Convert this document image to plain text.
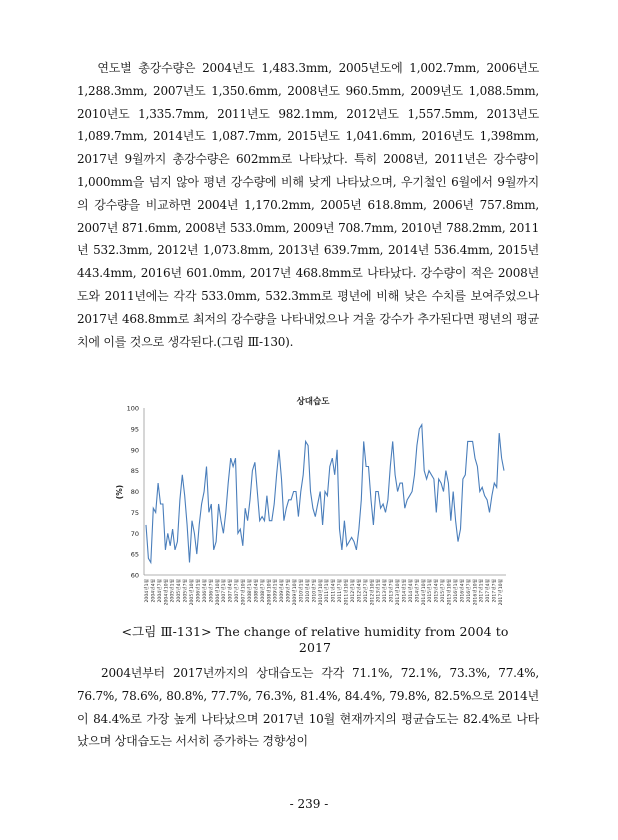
연도별 총강수량은 2004년도 1,483.3mm, 2005년도에 1,002.7mm, 2006년도 1,288.3mm, 2007년도 1,350.6mm, 2008년도 960.5mm, 2009년도 1,088.5mm, 2010년도 1,335.7mm, 2011년도 982.1mm, 2012년도 1,557.5mm, 2013년도 1,089.7mm, 2014년도 1,087.7mm, 2015년도 1,041.6mm, 2016년도 1,398mm, 2017년 9월까지 총강수량은 602mm로 나타났다. 특히 2008년, 2011년은 강수량이 1,000mm을 넘지 않아 평년 강수량에 비해 낮게 나타났으며, 우기철인 6월에서 9월까지의 강수량을 비교하면 2004년 1,170.2mm, 2005년 618.8mm, 2006년 757.8mm, 2007년 871.6mm, 2008년 533.0mm, 2009년 708.7mm, 2010년 788.2mm, 2011년 532.3mm, 2012년 1,073.8mm, 2013년 639.7mm, 2014년 536.4mm, 2015년 443.4mm, 2016년 601.0mm, 2017년 468.8mm로 나타났다. 강수량이 적은 2008년도와 2011년에는 각각 533.0mm, 532.3mm로 평년에 비해 낮은 수치를 보여주었으나 2017년 468.8mm로 최저의 강수량을 나타내었으나 겨울 강수가 추가된다면 평년의 평균치에 이를 것으로 생각된다.(그림 Ⅲ-130).
상대습도
(%)
60
65
70
75
80
85
90
95
100
2004년1월 2004년4월 2004년7월 2004년10월 2005년1월 2005년4월 2005년7월 2005년10월 2006년1월 2006년4월 2006년7월 2006년10월 2007년1월 2007년4월 2007년7월 2007년10월 2008년1월 2008년4월 2008년7월 2008년10월 2009년1월 2009년4월 2009년7월 2009년10월 2010년1월 2010년4월 2010년7월 2010년10월 2011년1월 2011년4월 2011년7월 2011년10월 2012년1월 2012년4월 2012년7월 2012년10월 2013년1월 2013년4월 2013년7월 2013년10월 2014년1월 2014년4월 2014년7월 2014년10월 2015년1월 2015년4월 2015년7월 2015년10월 2016년1월 2016년4월 2016년7월 2016년10월 2017년1월 2017년4월 2017년7월 2017년10월
<그림 Ⅲ-131> The change of relative humidity from 2004 to 2017
2004년부터 2017년까지의 상대습도는 각각 71.1%, 72.1%, 73.3%, 77.4%, 76.7%, 78.6%, 80.8%, 77.7%, 76.3%, 81.4%, 84.4%, 79.8%, 82.5%으로 2014년이 84.4%로 가장 높게 나타났으며 2017년 10월 현재까지의 평균습도는 82.4%로 나타났으며 상대습도는 서서히 증가하는 경향성이
- 239 -
